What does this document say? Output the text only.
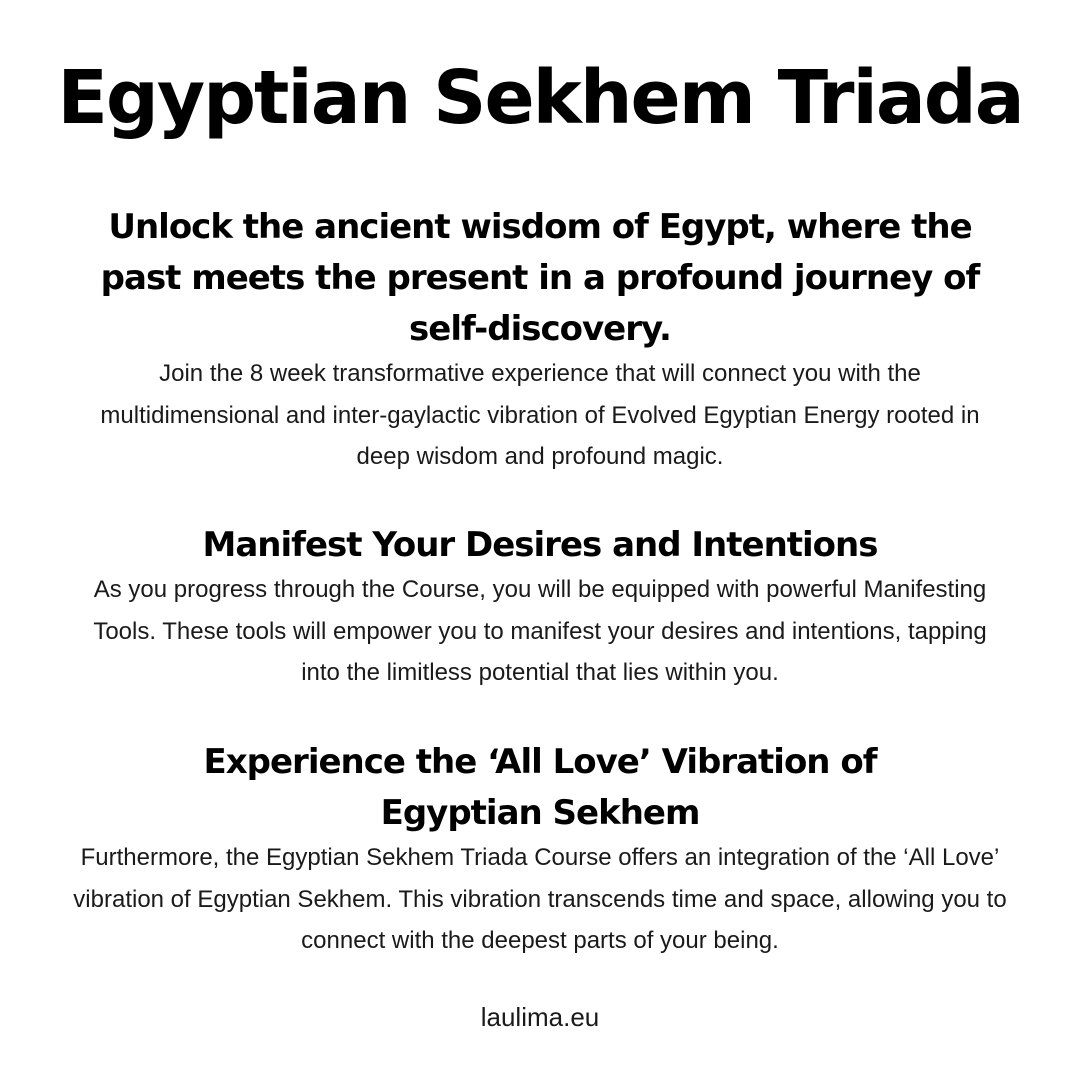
Egyptian Sekhem Triada
Unlock the ancient wisdom of Egypt, where the past meets the present in a profound journey of self-discovery.

Join the 8 week transformative experience that will connect you with the multidimensional and inter-gaylactic vibration of Evolved Egyptian Energy rooted in deep wisdom and profound magic.

Manifest Your Desires and Intentions

As you progress through the Course, you will be equipped with powerful Manifesting Tools. These tools will empower you to manifest your desires and intentions, tapping into the limitless potential that lies within you.

Experience the ‘All Love’ Vibration of Egyptian Sekhem

Furthermore, the Egyptian Sekhem Triada Course offers an integration of the ‘All Love’ vibration of Egyptian Sekhem. This vibration transcends time and space, allowing you to connect with the deepest parts of your being.

laulima.eu
